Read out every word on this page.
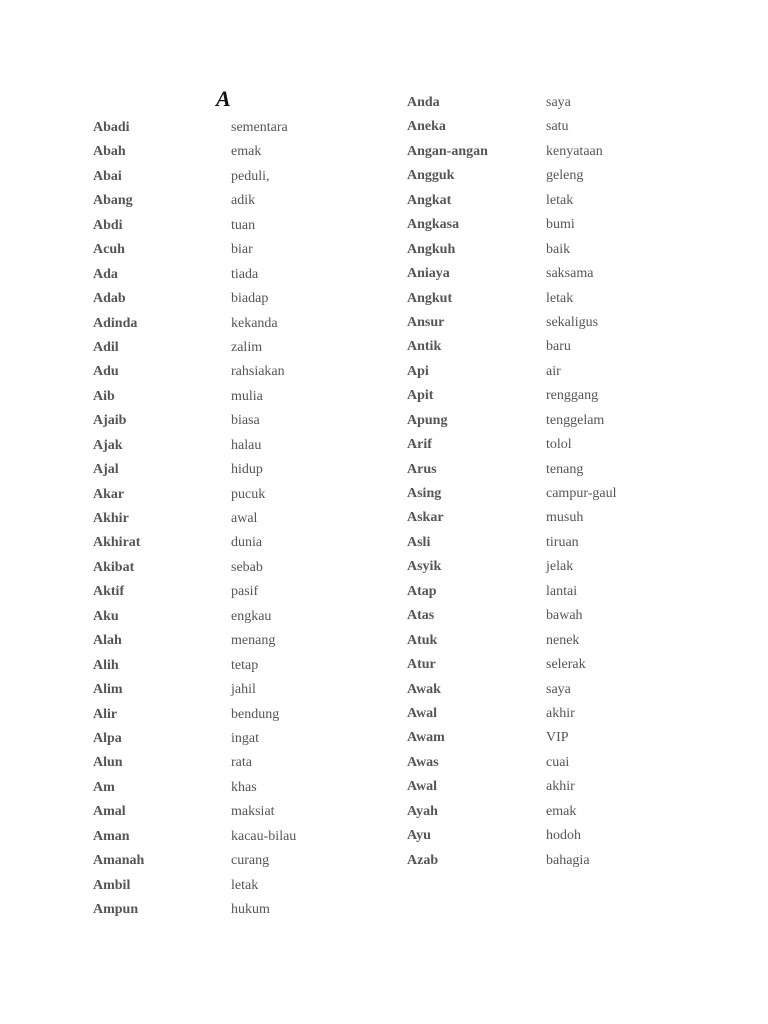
A
Abadi	sementara
Abah	emak
Abai	peduli,
Abang	adik
Abdi	tuan
Acuh	biar
Ada	tiada
Adab	biadap
Adinda	kekanda
Adil	zalim
Adu	rahsiakan
Aib	mulia
Ajaib	biasa
Ajak	halau
Ajal	hidup
Akar	pucuk
Akhir	awal
Akhirat	dunia
Akibat	sebab
Aktif	pasif
Aku	engkau
Alah	menang
Alih	tetap
Alim	jahil
Alir	bendung
Alpa	ingat
Alun	rata
Am	khas
Amal	maksiat
Aman	kacau-bilau
Amanah	curang
Ambil	letak
Ampun	hukum
Anda	saya
Aneka	satu
Angan-angan	kenyataan
Angguk	geleng
Angkat	letak
Angkasa	bumi
Angkuh	baik
Aniaya	saksama
Angkut	letak
Ansur	sekaligus
Antik	baru
Api	air
Apit	renggang
Apung	tenggelam
Arif	tolol
Arus	tenang
Asing	campur-gaul
Askar	musuh
Asli	tiruan
Asyik	jelak
Atap	lantai
Atas	bawah
Atuk	nenek
Atur	selerak
Awak	saya
Awal	akhir
Awam	VIP
Awas	cuai
Awal	akhir
Ayah	emak
Ayu	hodoh
Azab	bahagia
